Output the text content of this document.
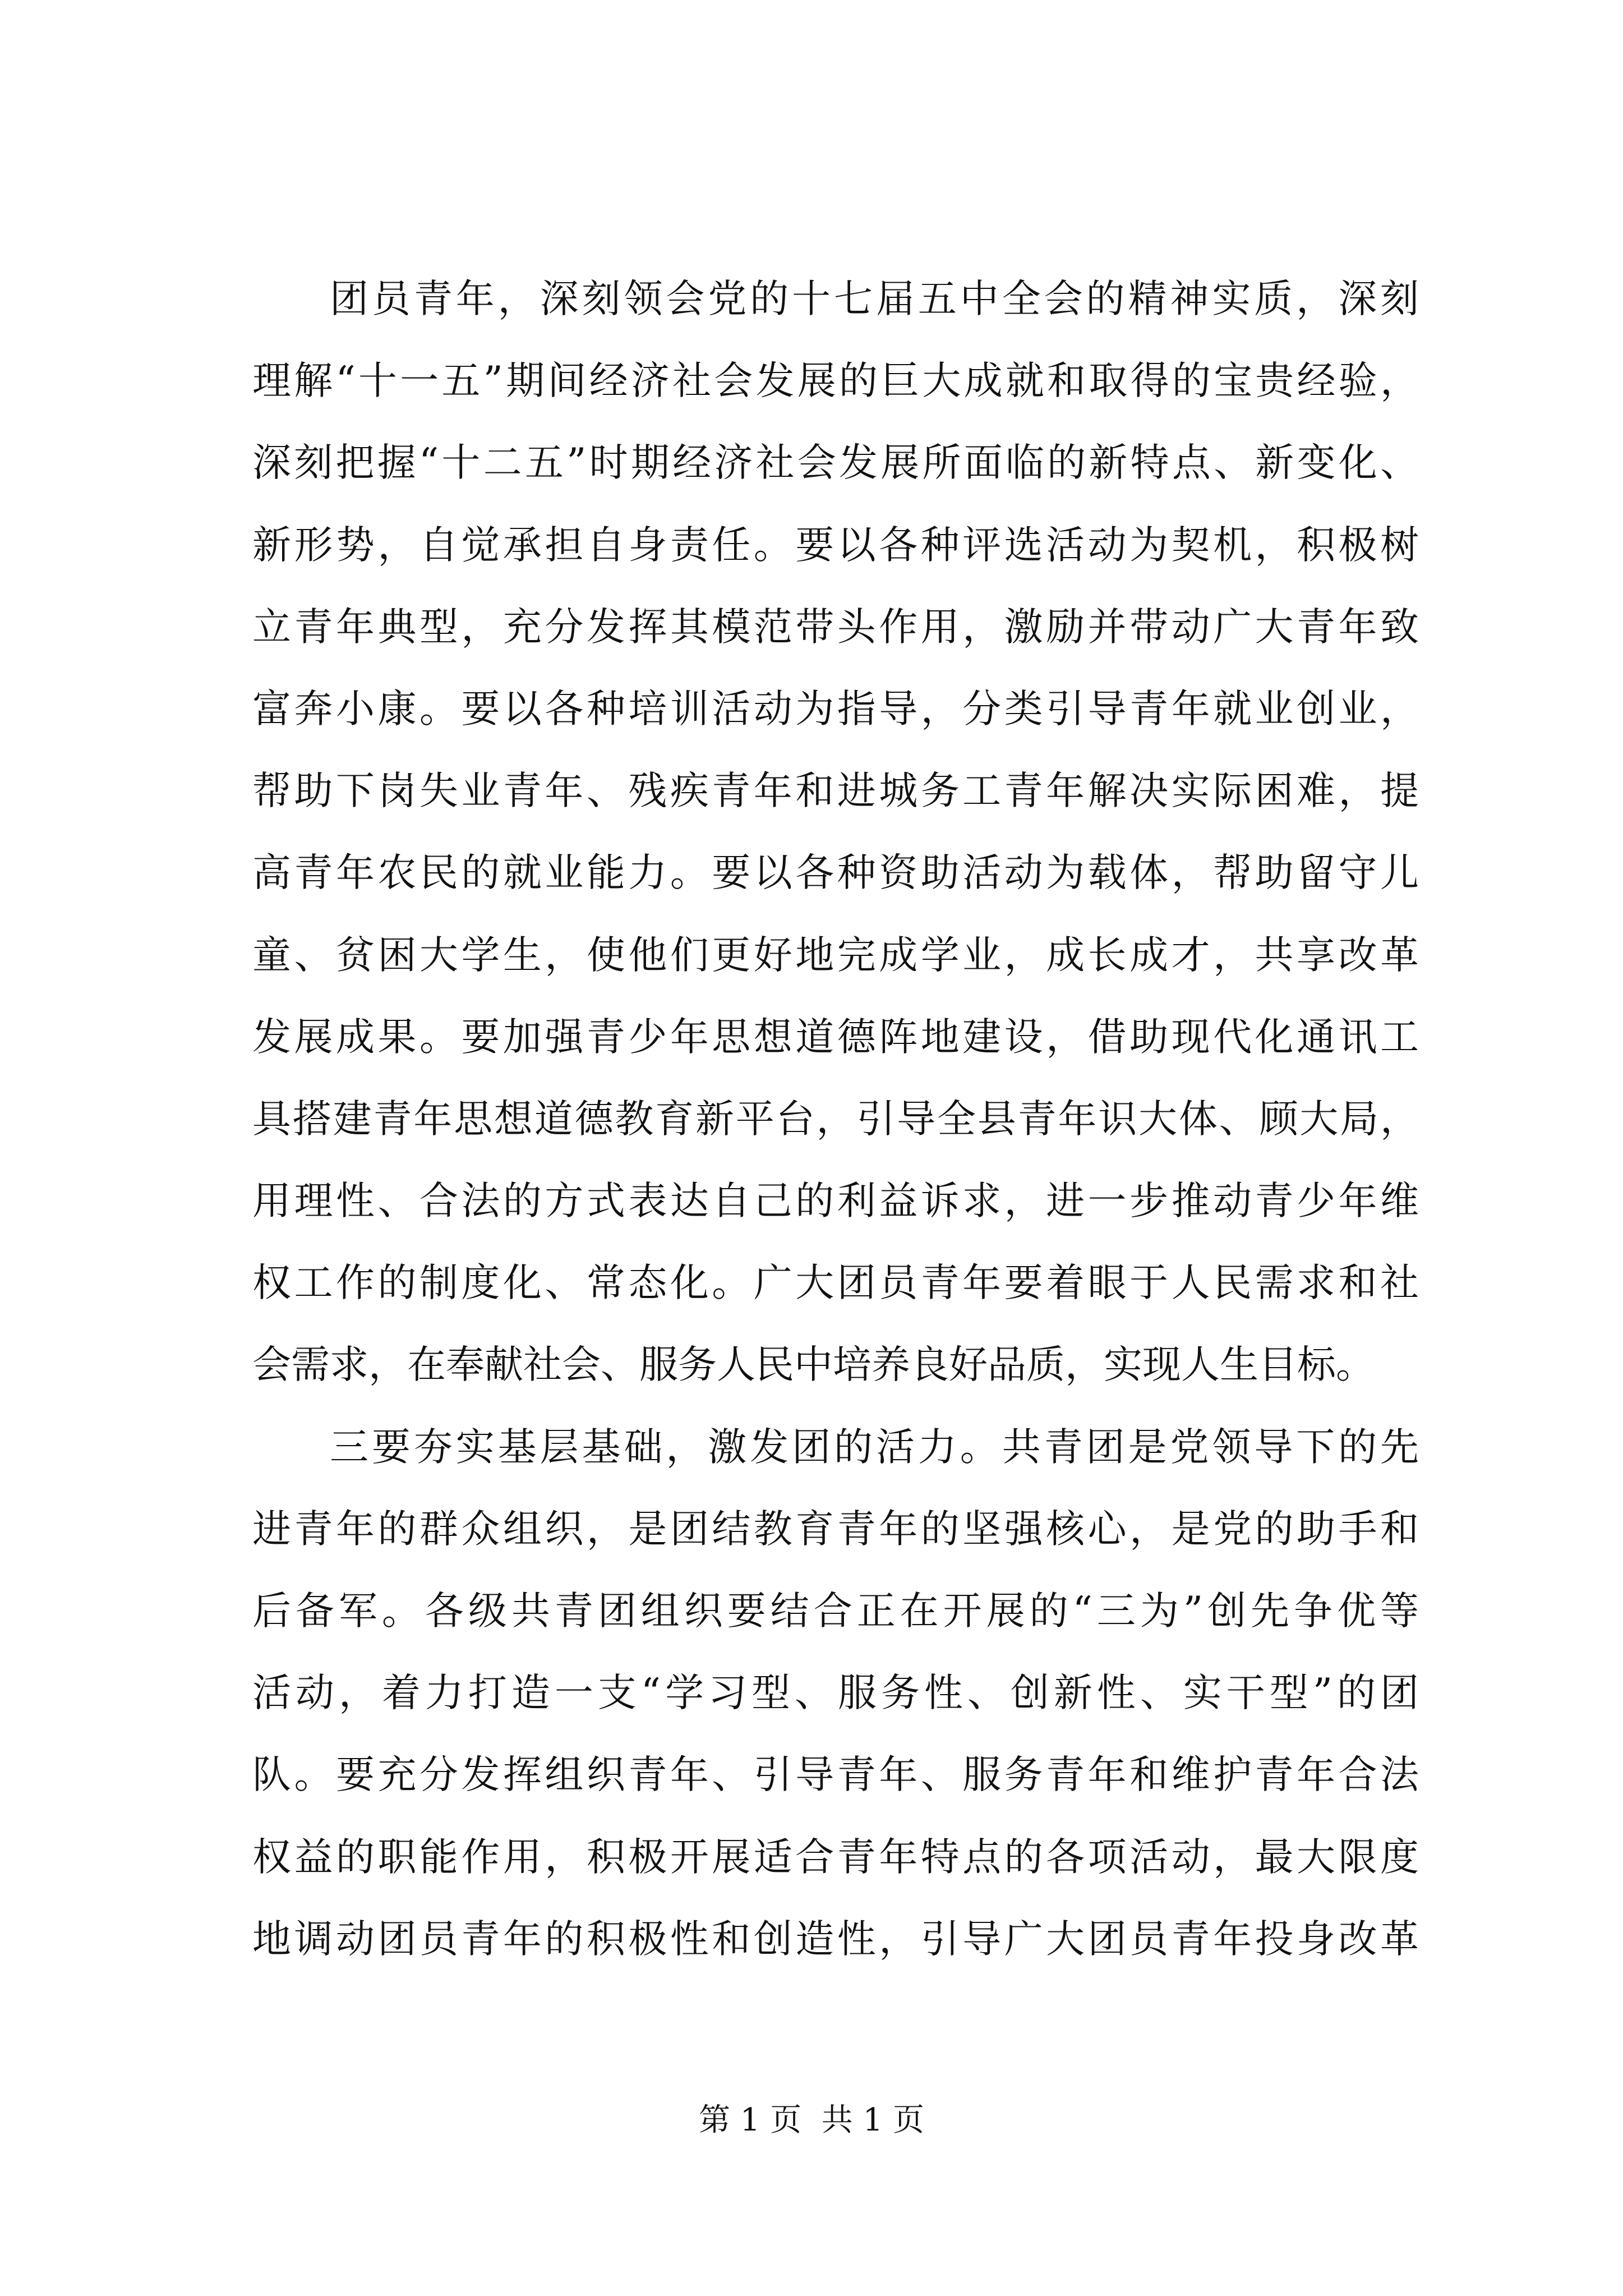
团员青年，深刻领会党的十七届五中全会的精神实质，深刻
理解“十一五”期间经济社会发展的巨大成就和取得的宝贵经验，
深刻把握“十二五”时期经济社会发展所面临的新特点、新变化、
新形势，自觉承担自身责任。要以各种评选活动为契机，积极树
立青年典型，充分发挥其模范带头作用，激励并带动广大青年致
富奔小康。要以各种培训活动为指导，分类引导青年就业创业，
帮助下岗失业青年、残疾青年和进城务工青年解决实际困难，提
高青年农民的就业能力。要以各种资助活动为载体，帮助留守儿
童、贫困大学生，使他们更好地完成学业，成长成才，共享改革
发展成果。要加强青少年思想道德阵地建设，借助现代化通讯工
具搭建青年思想道德教育新平台，引导全县青年识大体、顾大局，
用理性、合法的方式表达自己的利益诉求，进一步推动青少年维
权工作的制度化、常态化。广大团员青年要着眼于人民需求和社
会需求，在奉献社会、服务人民中培养良好品质，实现人生目标。
三要夯实基层基础，激发团的活力。共青团是党领导下的先
进青年的群众组织，是团结教育青年的坚强核心，是党的助手和
后备军。各级共青团组织要结合正在开展的“三为”创先争优等
活动，着力打造一支“学习型、服务性、创新性、实干型”的团
队。要充分发挥组织青年、引导青年、服务青年和维护青年合法
权益的职能作用，积极开展适合青年特点的各项活动，最大限度
地调动团员青年的积极性和创造性，引导广大团员青年投身改革
第 1 页  共 1 页
